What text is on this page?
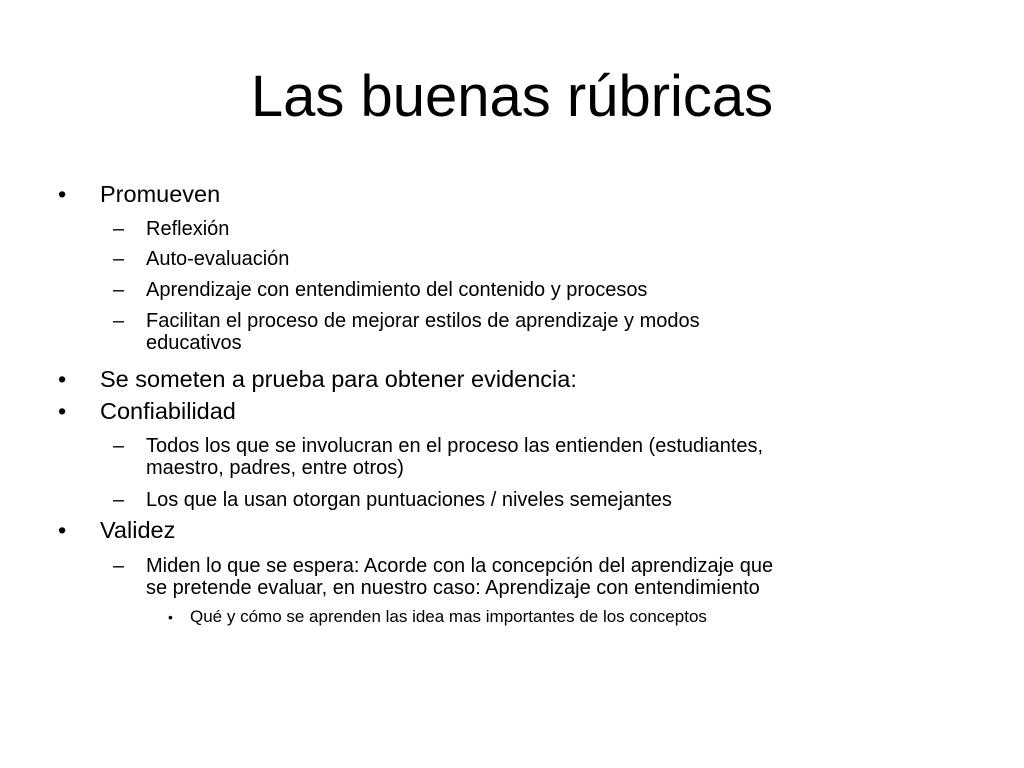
Las buenas rúbricas
• Promueven
– Reflexión
– Auto-evaluación
– Aprendizaje con entendimiento del contenido y procesos
– Facilitan el proceso de mejorar estilos de aprendizaje y modos
educativos
• Se someten a prueba para obtener evidencia:
• Confiabilidad
– Todos los que se involucran en el proceso las entienden (estudiantes,
maestro, padres, entre otros)
– Los que la usan otorgan puntuaciones / niveles semejantes
• Validez
– Miden lo que se espera: Acorde con la concepción del aprendizaje que
se pretende evaluar, en nuestro caso: Aprendizaje con entendimiento
• Qué y cómo se aprenden las idea mas importantes de los conceptos
